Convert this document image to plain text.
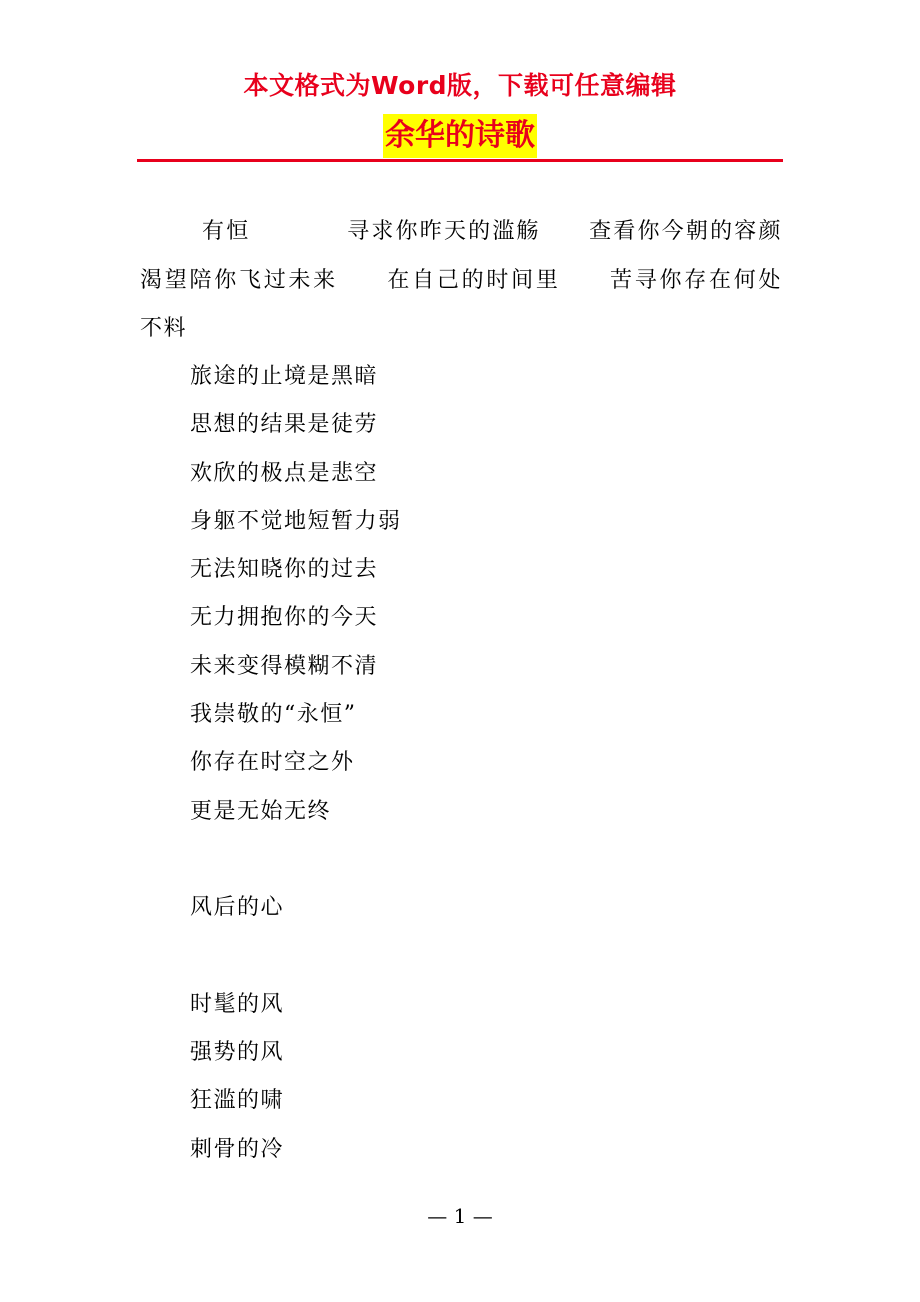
本文格式为Word版，下载可任意编辑
余华的诗歌

有恒　　　　寻求你昨天的滥觞　　查看你今朝的容颜　　渴望陪你飞过未来　　在自己的时间里　　苦寻你存在何处　　不料

旅途的止境是黑暗
思想的结果是徒劳
欢欣的极点是悲空
身躯不觉地短暂力弱
无法知晓你的过去
无力拥抱你的今天
未来变得模糊不清
我崇敬的“永恒”
你存在时空之外
更是无始无终
风后的心
时髦的风
强势的风
狂滥的啸
刺骨的冷
— 1 —
